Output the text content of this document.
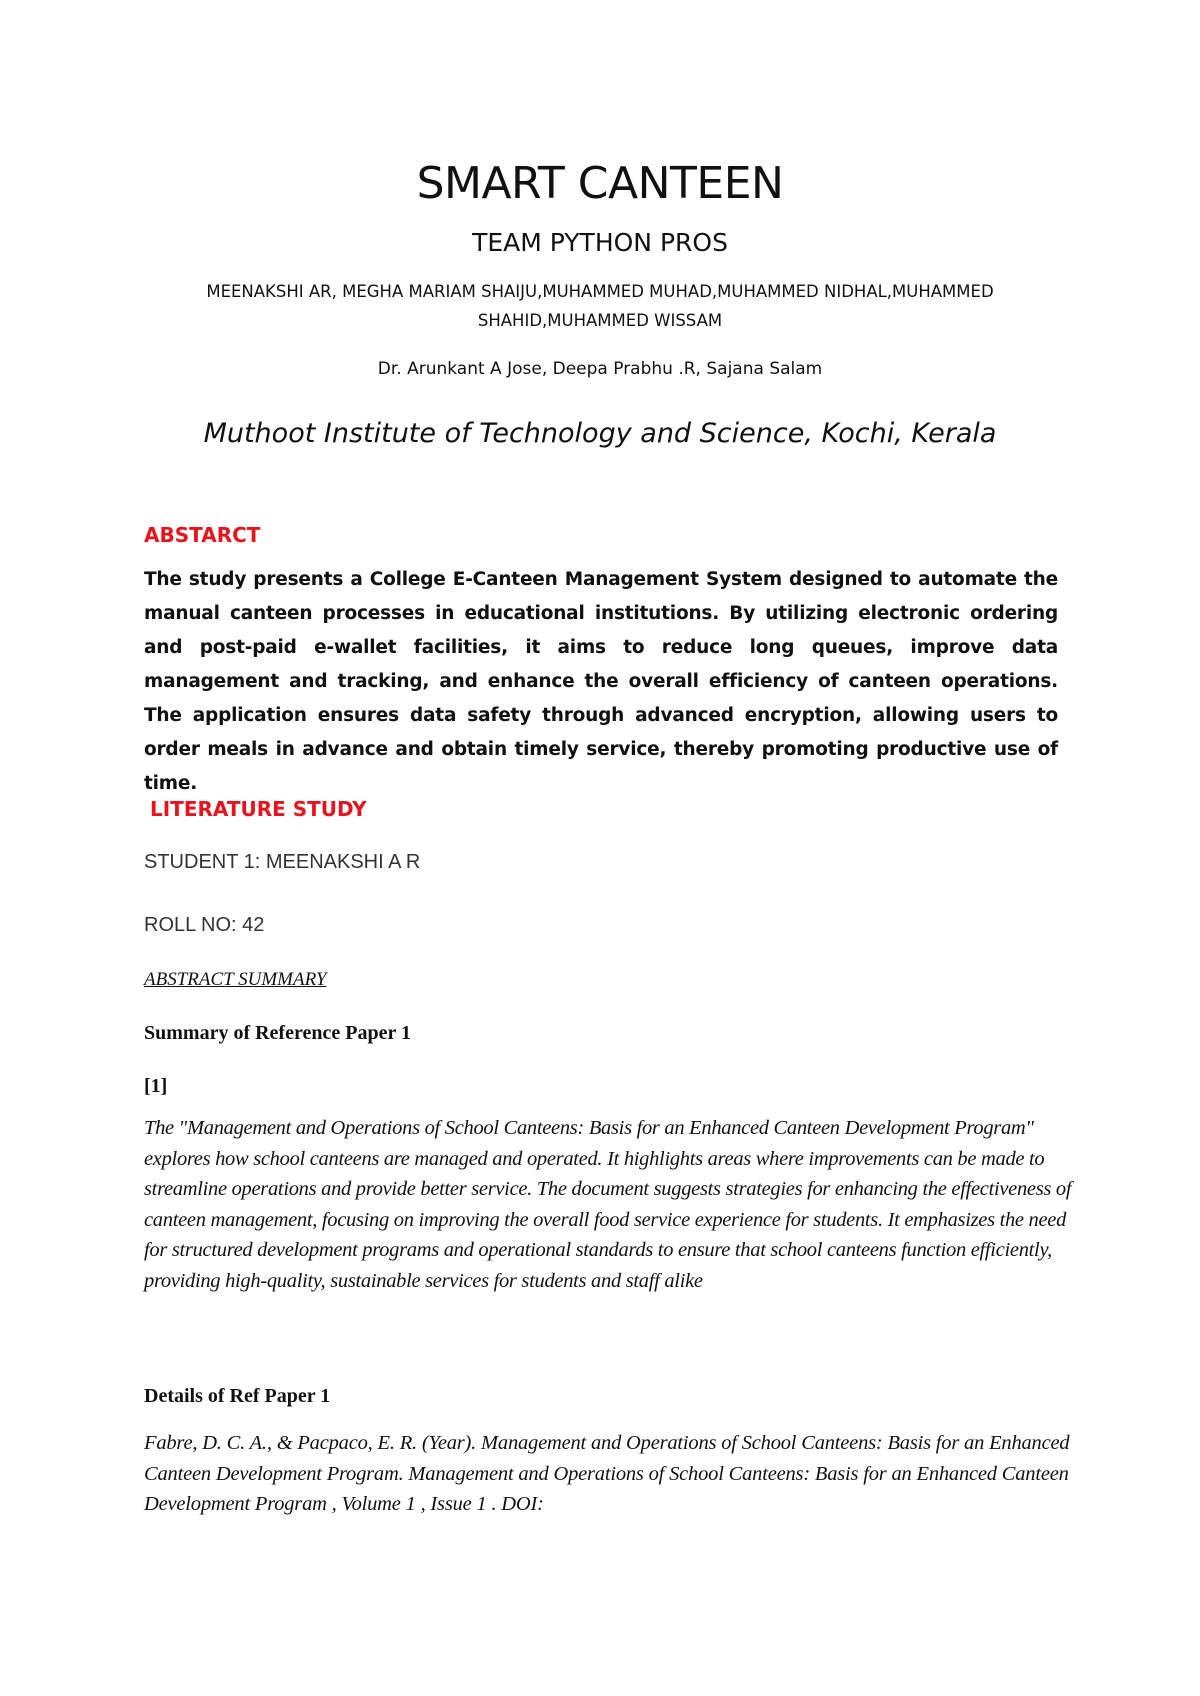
SMART CANTEEN

TEAM PYTHON PROS

MEENAKSHI AR, MEGHA MARIAM SHAIJU,MUHAMMED MUHAD,MUHAMMED NIDHAL,MUHAMMED SHAHID,MUHAMMED WISSAM

Dr. Arunkant A Jose, Deepa Prabhu .R, Sajana Salam

Muthoot Institute of Technology and Science, Kochi, Kerala

ABSTARCT

The study presents a College E-Canteen Management System designed to automate the manual canteen processes in educational institutions. By utilizing electronic ordering and post-paid e-wallet facilities, it aims to reduce long queues, improve data management and tracking, and enhance the overall efficiency of canteen operations. The application ensures data safety through advanced encryption, allowing users to order meals in advance and obtain timely service, thereby promoting productive use of time.

LITERATURE STUDY

STUDENT 1: MEENAKSHI A R

ROLL NO: 42

ABSTRACT SUMMARY

Summary of Reference Paper 1

[1]

The "Management and Operations of School Canteens: Basis for an Enhanced Canteen Development Program" explores how school canteens are managed and operated. It highlights areas where improvements can be made to streamline operations and provide better service. The document suggests strategies for enhancing the effectiveness of canteen management, focusing on improving the overall food service experience for students. It emphasizes the need for structured development programs and operational standards to ensure that school canteens function efficiently, providing high-quality, sustainable services for students and staff alike

Details of Ref Paper 1

Fabre, D. C. A., & Pacpaco, E. R. (Year). Management and Operations of School Canteens: Basis for an Enhanced Canteen Development Program. Management and Operations of School Canteens: Basis for an Enhanced Canteen Development Program , Volume 1 , Issue 1 . DOI:
